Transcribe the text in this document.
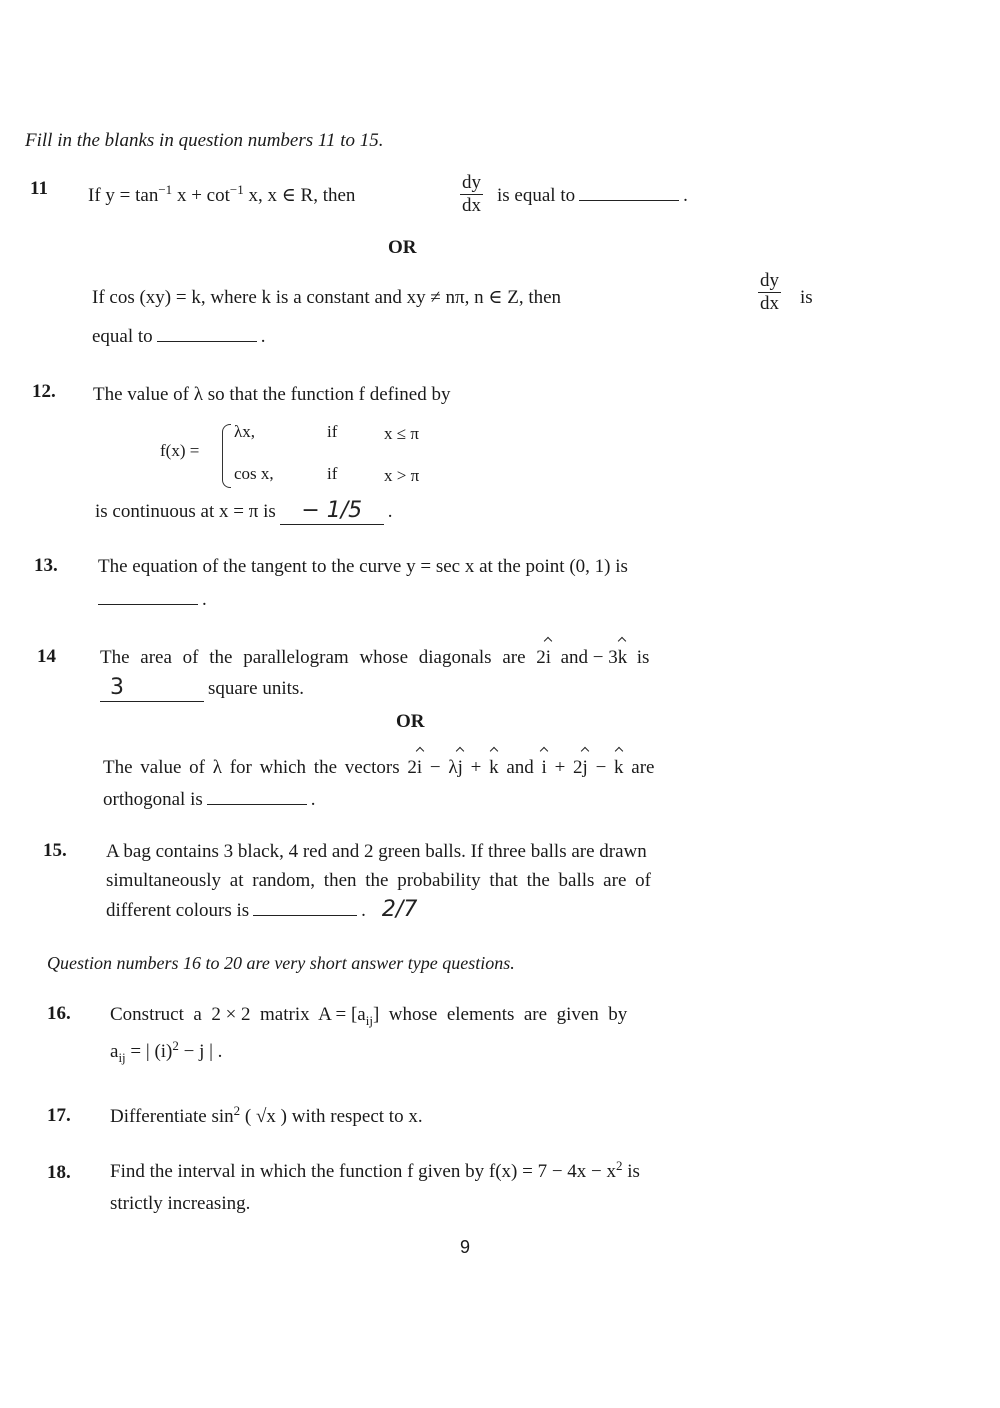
Fill in the blanks in question numbers 11 to 15.
11 If $y = \tan^{-1} x + \cot^{-1} x$, x ∈ R, then	$\frac{dy}{dx}$ is equal to	.
OR
If cos (xy) = k, where k is a constant and xy ≠ nπ, n ∈ Z, then	$\frac{dy}{dx}$ is
equal to	.
12. The value of λ so that the function f defined by
f(x) =
λx,	if	x ≤ π
cos x,	if	x > π
is continuous at x = π is − 1/5 .
13. The equation of the tangent to the curve y = sec x at the point (0, 1) is
.
14 The area of the parallelogram whose diagonals are 2i and − 3k is
3	square units.
OR
The value of λ for which the vectors 2i − λj + k and i + 2j − k are
orthogonal is	.
15. A bag contains 3 black, 4 red and 2 green balls. If three balls are drawn
simultaneously at random, then the probability that the balls are of
different colours is	. 2/7
Question numbers 16 to 20 are very short answer type questions.
16. Construct  a  2 × 2  matrix  $A = [a_{ij}]$  whose  elements  are  given  by
$a_{ij}$ = | $(i)^2 - j$ | .
17. Differentiate $\sin^2$ ( √x ) with respect to x.
18. Find the interval in which the function f given by $f(x) = 7 - 4x - x^2$ is
strictly increasing.
9
